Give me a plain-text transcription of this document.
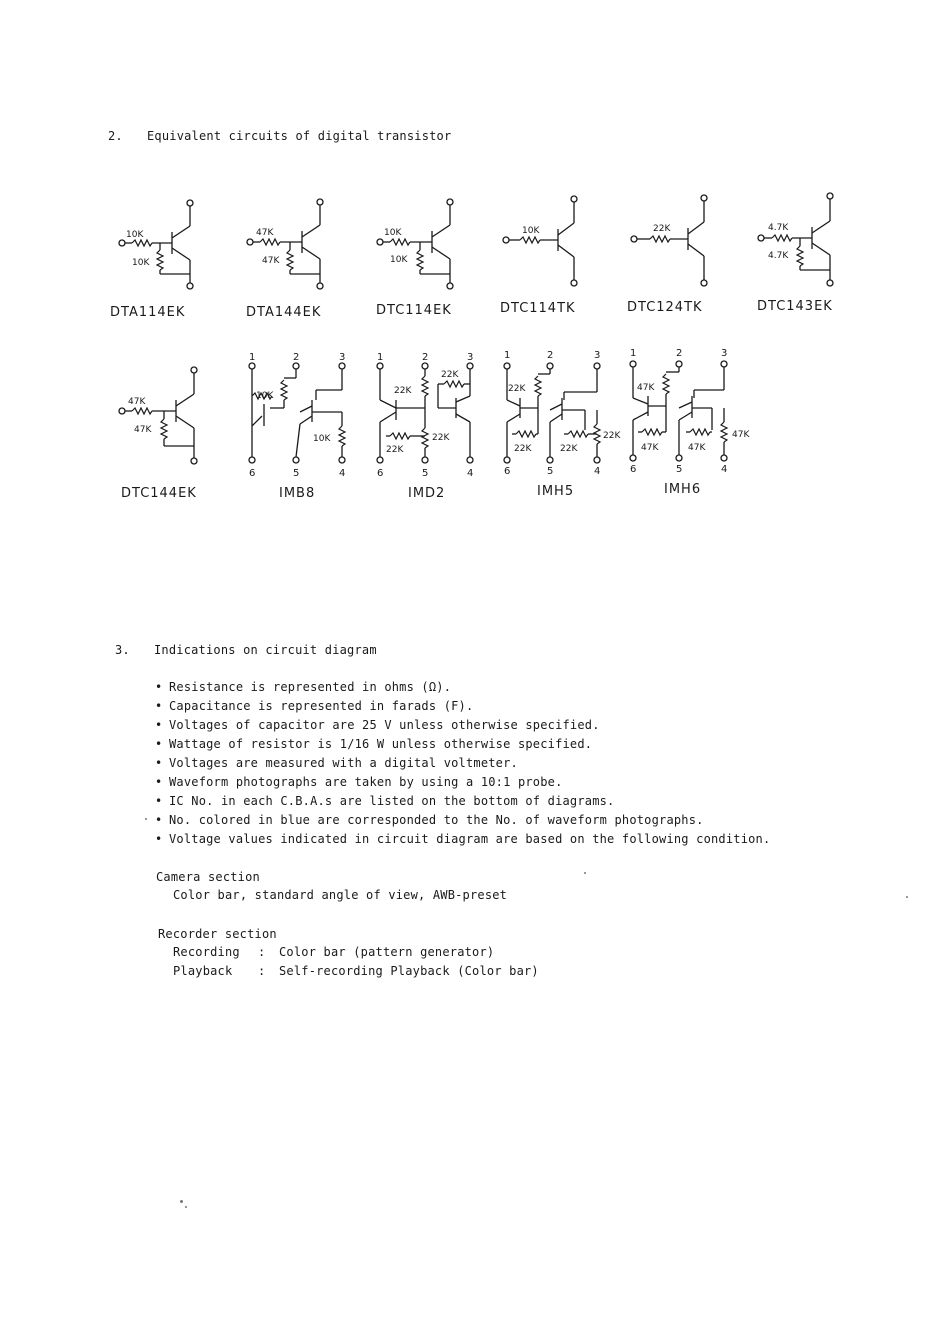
2. Equivalent circuits of digital transistor
10K
10K
DTA114EK
47K
47K
DTA144EK
10K
10K
DTC114EK
10K
DTC114TK
22K
DTC124TK
4.7K
4.7K
DTC143EK
47K
47K
DTC144EK
10K
10K
1	2	3
6	5	4
IMB8
22K
22K
22K
22K
1	2	3
6	5	4
IMD2
22K
22K	22K
22K
1	2	3
6	5	4
IMH5
47K
47K	47K
47K
1	2	3
6	5	4
IMH6
3. Indications on circuit diagram
• Resistance is represented in ohms (Ω).
• Capacitance is represented in farads (F).
• Voltages of capacitor are 25 V unless otherwise specified.
• Wattage of resistor is 1/16 W unless otherwise specified.
• Voltages are measured with a digital voltmeter.
• Waveform photographs are taken by using a 10:1 probe.
• IC No. in each C.B.A.s are listed on the bottom of diagrams.
• No. colored in blue are corresponded to the No. of waveform photographs.
• Voltage values indicated in circuit diagram are based on the following condition.
Camera section
Color bar, standard angle of view, AWB-preset
Recorder section
Recording : Color bar (pattern generator)
Playback : Self-recording Playback (Color bar)
